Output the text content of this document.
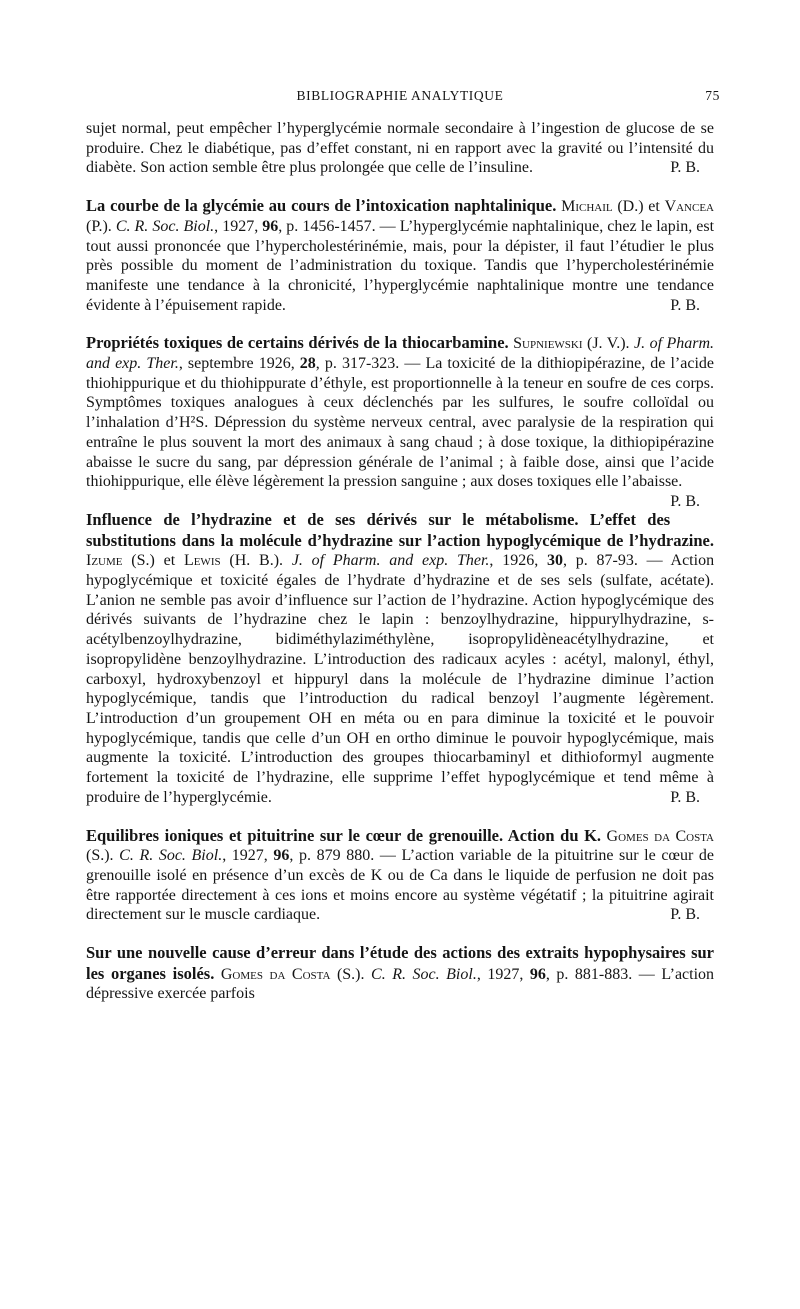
BIBLIOGRAPHIE ANALYTIQUE	75

sujet normal, peut empêcher l’hyperglycémie normale secondaire à l’ingestion de glucose de se produire. Chez le diabétique, pas d’effet constant, ni en rapport avec la gravité ou l’intensité du diabète. Son action semble être plus prolongée que celle de l’insuline.	P. B.

La courbe de la glycémie au cours de l’intoxication naphtalinique. Michail (D.) et Vancea (P.). C. R. Soc. Biol., 1927, 96, p. 1456-1457. — L’hyperglycémie naphtalinique, chez le lapin, est tout aussi prononcée que l’hypercholestérinémie, mais, pour la dépister, il faut l’étudier le plus près possible du moment de l’administration du toxique. Tandis que l’hypercholestérinémie manifeste une tendance à la chronicité, l’hyperglycémie naphtalinique montre une tendance évidente à l’épuisement rapide.	P. B.

Propriétés toxiques de certains dérivés de la thiocarbamine. Supniewski (J. V.). J. of Pharm. and exp. Ther., septembre 1926, 28, p. 317-323. — La toxicité de la dithiopipérazine, de l’acide thiohippurique et du thiohippurate d’éthyle, est proportionnelle à la teneur en soufre de ces corps. Symptômes toxiques analogues à ceux déclenchés par les sulfures, le soufre colloïdal ou l’inhalation d’H²S. Dépression du système nerveux central, avec paralysie de la respiration qui entraîne le plus souvent la mort des animaux à sang chaud ; à dose toxique, la dithiopipérazine abaisse le sucre du sang, par dépression générale de l’animal ; à faible dose, ainsi que l’acide thiohippurique, elle élève légèrement la pression sanguine ; aux doses toxiques elle l’abaisse.
P. B.

Influence de l’hydrazine et de ses dérivés sur le métabolisme. L’effet des substitutions dans la molécule d’hydrazine sur l’action hypoglycémique de l’hydrazine. Izume (S.) et Lewis (H. B.). J. of Pharm. and exp. Ther., 1926, 30, p. 87-93. — Action hypoglycémique et toxicité égales de l’hydrate d’hydrazine et de ses sels (sulfate, acétate). L’anion ne semble pas avoir d’influence sur l’action de l’hydrazine. Action hypoglycémique des dérivés suivants de l’hydrazine chez le lapin : benzoylhydrazine, hippurylhydrazine, s-acétylbenzoylhydrazine, bidiméthylaziméthylène, isopropylidèneacétylhydrazine, et isopropylidène benzoylhydrazine. L’introduction des radicaux acyles : acétyl, malonyl, éthyl, carboxyl, hydroxybenzoyl et hippuryl dans la molécule de l’hydrazine diminue l’action hypoglycémique, tandis que l’introduction du radical benzoyl l’augmente légèrement. L’introduction d’un groupement OH en méta ou en para diminue la toxicité et le pouvoir hypoglycémique, tandis que celle d’un OH en ortho diminue le pouvoir hypoglycémique, mais augmente la toxicité. L’introduction des groupes thiocarbaminyl et dithioformyl augmente fortement la toxicité de l’hydrazine, elle supprime l’effet hypoglycémique et tend même à produire de l’hyperglycémie.	P. B.

Equilibres ioniques et pituitrine sur le cœur de grenouille. Action du K. Gomes da Costa (S.). C. R. Soc. Biol., 1927, 96, p. 879 880. — L’action variable de la pituitrine sur le cœur de grenouille isolé en présence d’un excès de K ou de Ca dans le liquide de perfusion ne doit pas être rapportée directement à ces ions et moins encore au système végétatif ; la pituitrine agirait directement sur le muscle cardiaque.	P. B.

Sur une nouvelle cause d’erreur dans l’étude des actions des extraits hypophysaires sur les organes isolés. Gomes da Costa (S.). C. R. Soc. Biol., 1927, 96, p. 881-883. — L’action dépressive exercée parfois
